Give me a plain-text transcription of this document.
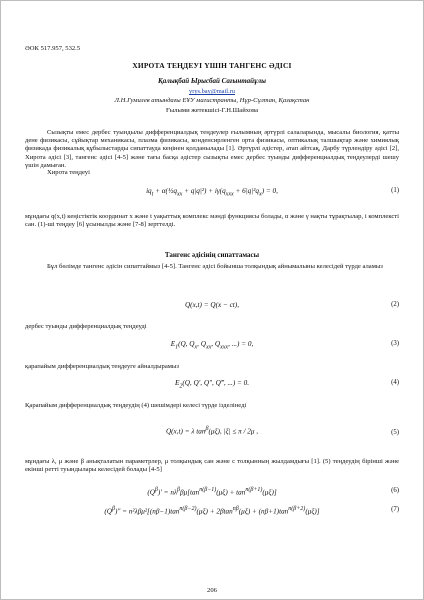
ӘОК 517.957, 532.5
ХИРОТА ТЕҢДЕУІ ҮШІН ТАНГЕНС ӘДІСІ
Қалықбай Ырысбай Сағынтайұлы
yrys.bay@mail.ru
Л.Н.Гумилев атындағы ЕҰУ магистранты, Нұр-Сұлтан, Қазақстан
Ғылыми жетекшісі-Г.Н.Шайхова
Сызықты емес дербес туындылы дифференциалдық теңдеулер ғылымның әртүрлі салаларында, мысалы биология, қатты дене физикасы, сұйықтар механикасы, плазма физикасы, конденсирленген орта физикасы, оптикалық талшықтар және химиялық физикада физикалық құбылыстарды сипаттауда кеңінен қолданылады [1]. Әртүрлі әдістер, атап айтсақ, Дарбу түрлендіру әдісі [2], Хирота әдісі [3], тангенс әдісі [4-5] және тағы басқа әдістер сызықты емес дербес туынды дифференциалдық теңдеулерді шешу үшін дамыған.
Хирота теңдеуі
$iq_t$ + $\alpha(\frac{1}{2}q_{xx} + q|q|^2) + i\gamma(q_{xxx} + 6|q|^2q_x) = 0$,	(1)
мұндағы q(x,t) кеңістіктік координат x және t уақыттық комплекс мәнді функциясы болады, α және γ нақты тұрақтылар, i комплексті сан. (1)-ші теңдеу [6] ұсынылды және [7-8] зерттелді.
Тангенс әдісінің сипаттамасы
Бұл бөлімде тангенс әдісін сипаттаймыз [4-5]. Тангенс әдісі бойынша толқындық айнымалыны келесідей түрде аламыз
Q(x,t) = Q(x − ct),	(2)
дербес туынды дифференциалдық теңдеуді
$E_1(Q$, $Q_x$, $Q_{xx}$, $Q_{xxx}$, ...) = 0,	(3)
қарапайым дифференциалдық теңдеуге айналдырамыз
$E_2(Q$, Q′, Q″, Q‴, ...) = 0.	(4)
Қарапайым дифференциалдық теңдеудің (4) шешімдері келесі түрде ізделінеді
Q(x,t) = λ $\tan^\beta(\mu\xi)$, |ξ| ≤ π / 2μ ,	(5)
мұндағы λ, μ және β анықталатын параметрлер, μ толқындық сан және c толқынның жылдамдығы [1]. (5) теңдеудің бірінші және екінші ретті туындылары келесідей болады [4-5]
$(Q^\beta)' = n\lambda^\beta\beta\mu[\tan^{n(\beta-1)}(\mu\xi) + \tan^{n(\beta+1)}(\mu\xi)]$	(6)
$(Q^\beta)'' = n^2\lambda\beta\mu^2[(n\beta-1)\tan^{n(\beta-2)}(\mu\xi) + 2\beta\tan^{n\beta}(\mu\xi) + (n\beta+1)\tan^{n(\beta+2)}(\mu\xi)]$	(7)
206
